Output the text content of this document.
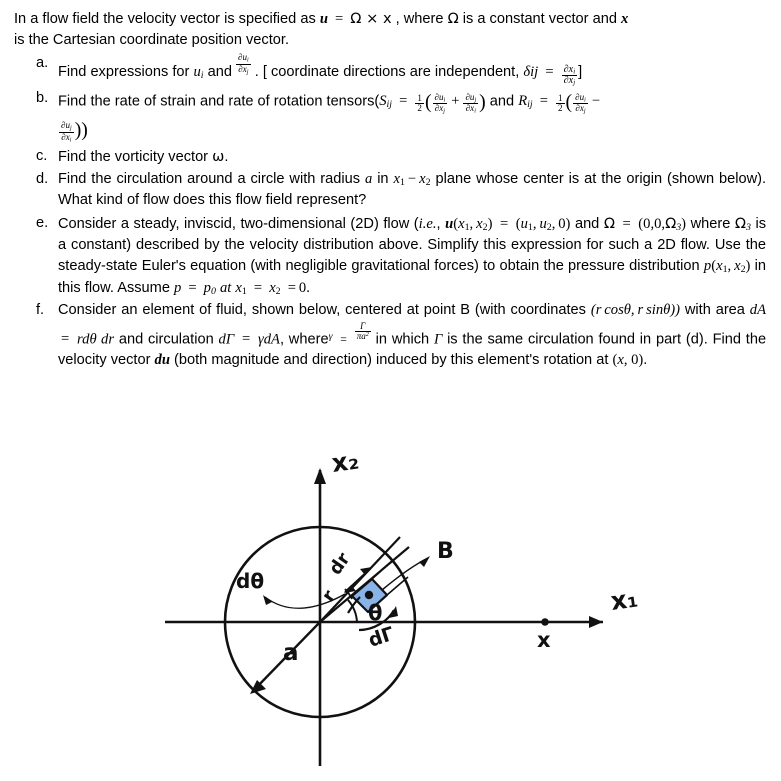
In a flow field the velocity vector is specified as u = Ω × x , where Ω is a constant vector and x
is the Cartesian coordinate position vector.

a.
Find expressions for $u_i$ and $\frac{\partial u_i}{\partial x_j}$ . [ coordinate directions are independent, $\delta ij = \frac{\partial x_i}{\partial x_j}$ ]
b. Find the rate of strain and rate of rotation $tensors(S_{ij} = \frac{1}{2}$ ( $\frac{\partial u_i}{\partial x_j} + \frac{\partial u_j}{\partial x_i}$ ) and $R_{ij} = \frac{1}{2}$ ( $\frac{\partial u_i}{\partial x_j}$ −

$\frac{\partial u_j}{\partial x_i}$ ))
c. Find the vorticity vector ω.
d. Find the circulation around a circle with radius a in $x_1 - x_2$ plane whose center is at the origin (shown below). What kind of flow does this flow field represent?
e. Consider a steady, inviscid, two-dimensional (2D) flow (i.e., $u(x_1$,  $x_2) = (u_1$, $u_2$, 0) and $\Omega = (0,0,\Omega_3)$ where $\Omega_3$ is a constant) described by the velocity distribution above. Simplify this expression for such a 2D flow. Use the steady-state Euler's equation (with negligible gravitational forces) to obtain the pressure distribution $p(x_1$,  $x_2$) in this flow. Assume $p = p_0$ at $x_1 = x_2 = 0$.
f. Consider an element of fluid, shown below, centered at point B (with coordinates (r cosθ, r sinθ)) with area dA = rdθ dr and circulation dΓ = γdA, where$^\gamma$ = $\frac{\Gamma}{\pi a^2}$ in which Γ is the same circulation found in part (d). Find the velocity vector du (both magnitude and direction) induced by this element's rotation at (x, 0).
x₂
x₁
x
a
θ
dθ
dr
r
dΓ
B
